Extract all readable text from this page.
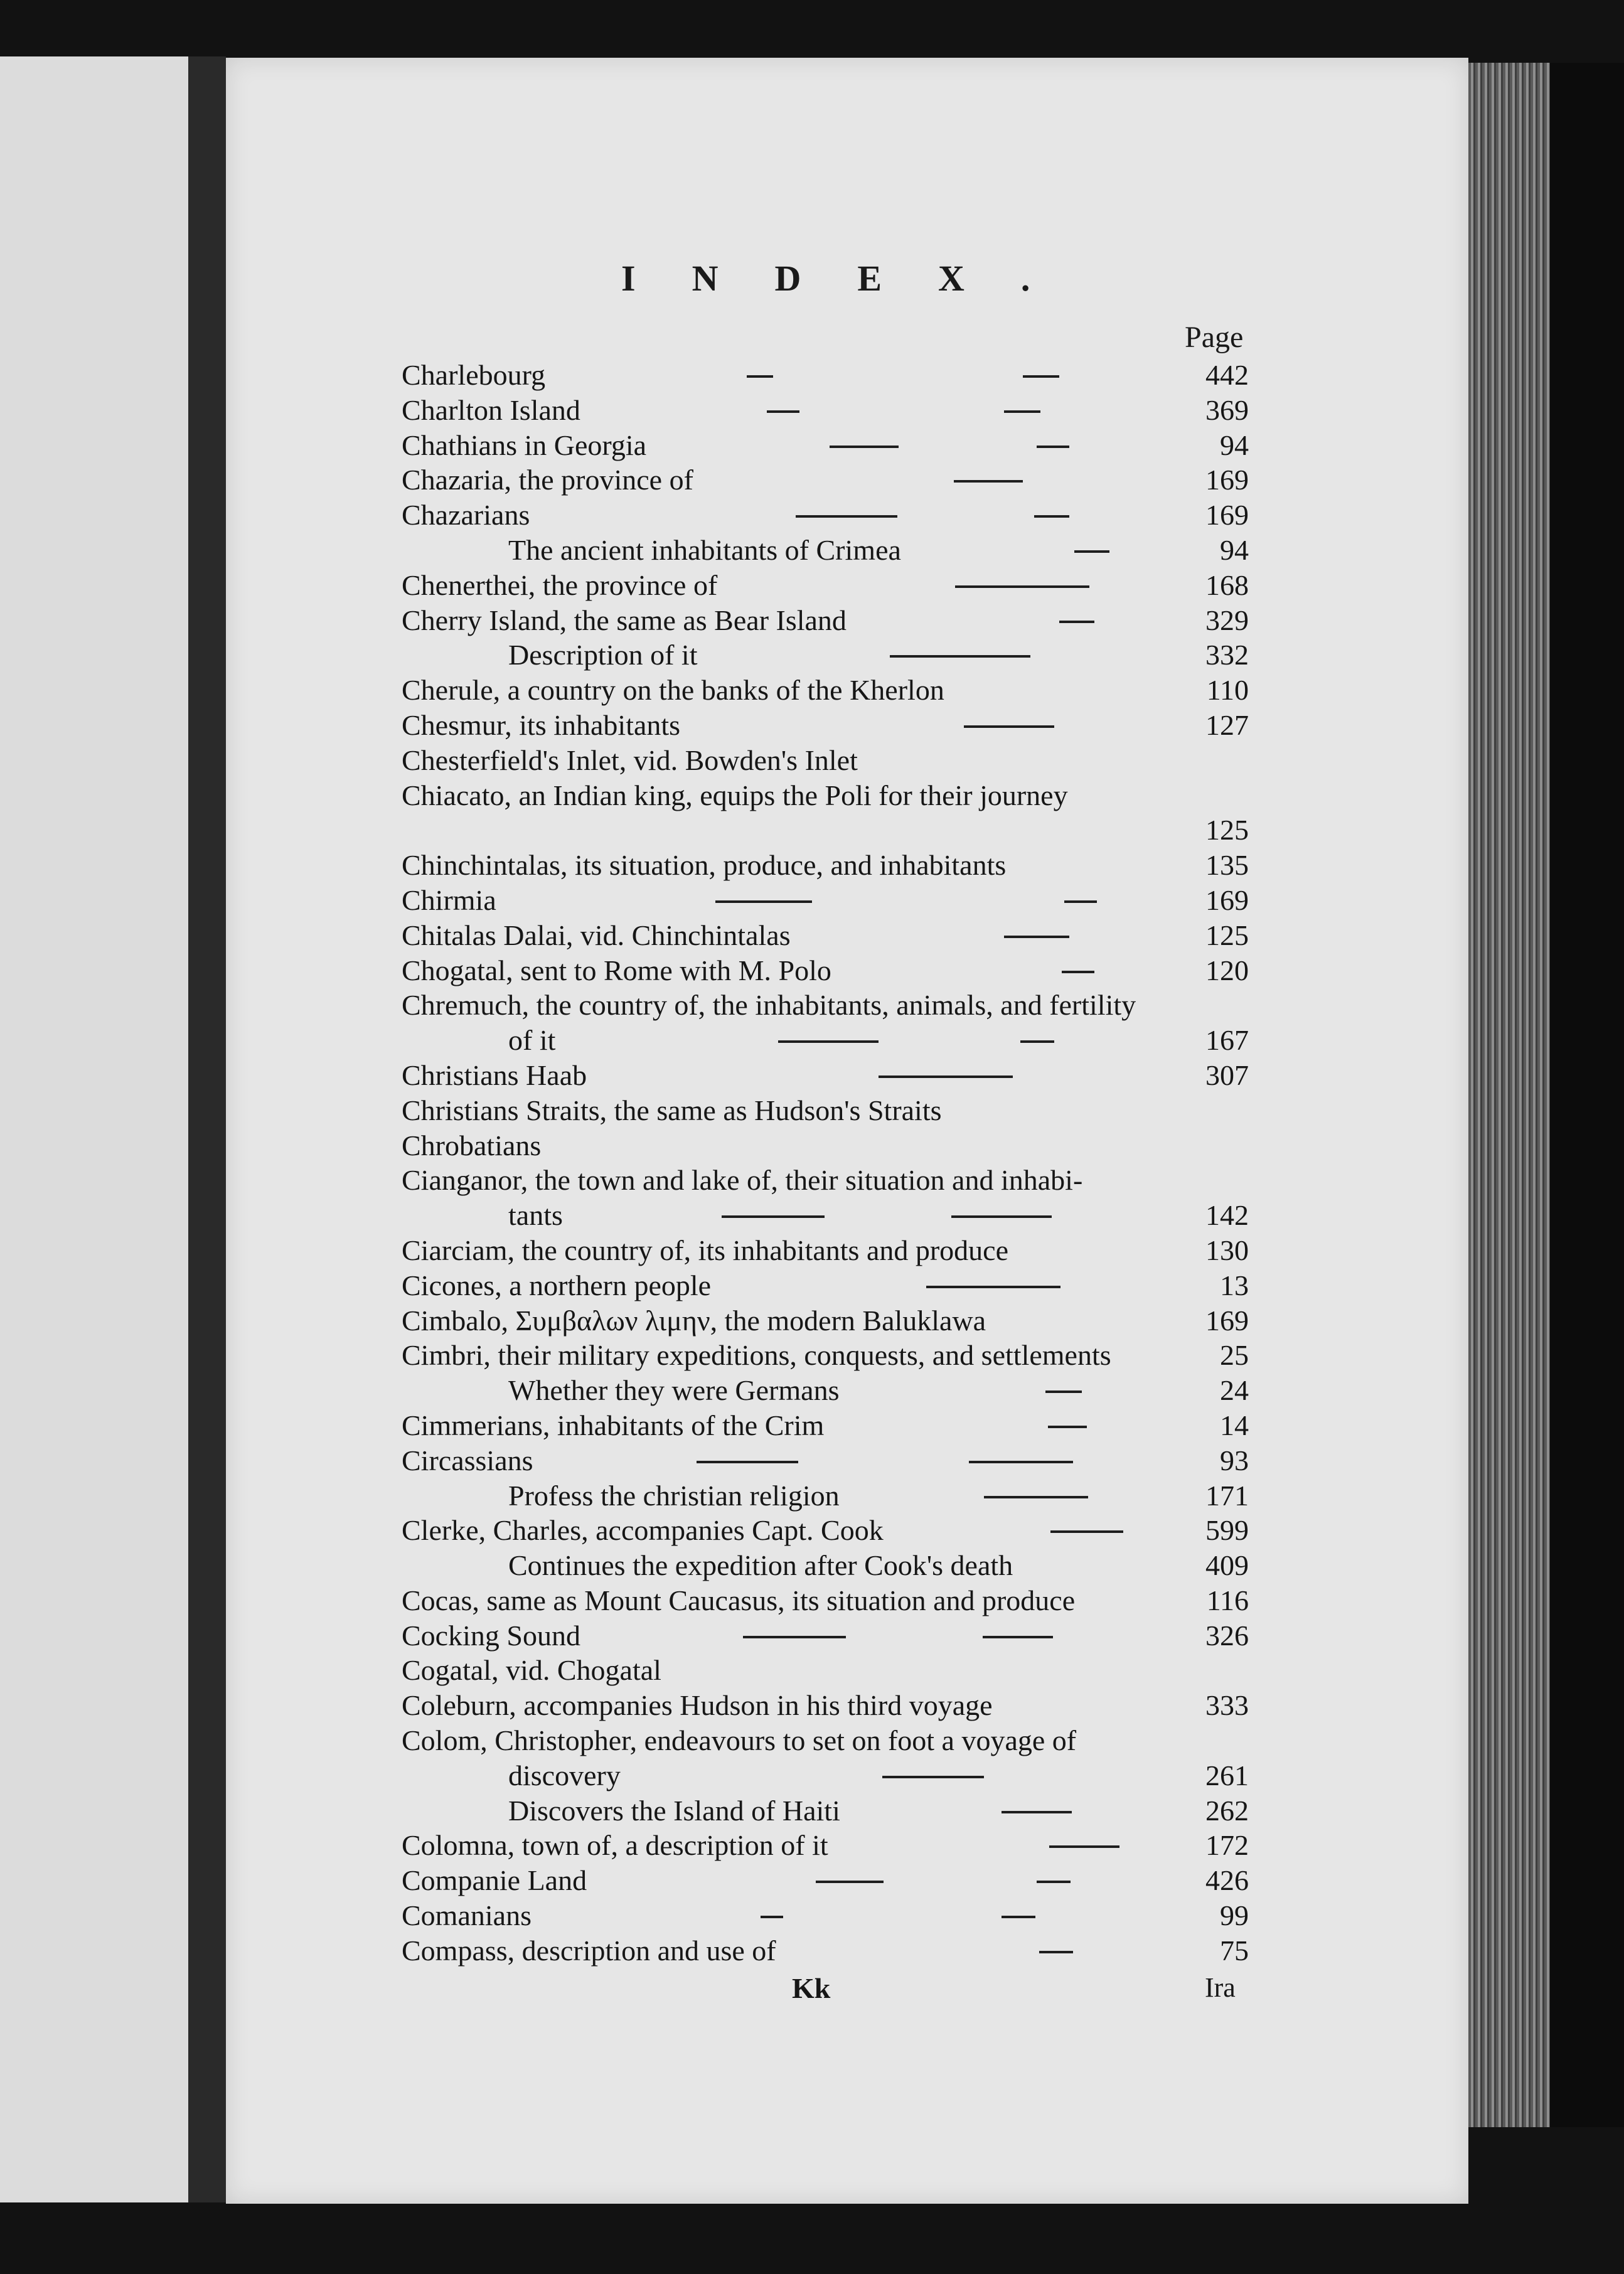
INDEX.
Page
Charlebourg	442
Charlton Island	369
Chathians in Georgia	94
Chazaria, the province of	169
Chazarians	169
The ancient inhabitants of Crimea	94
Chenerthei, the province of	168
Cherry Island, the same as Bear Island	329
Description of it	332
Cherule, a country on the banks of the Kherlon	110
Chesmur, its inhabitants	127
Chesterfield's Inlet, vid. Bowden's Inlet
Chiacato, an Indian king, equips the Poli for their journey
125
Chinchintalas, its situation, produce, and inhabitants	135
Chirmia	169
Chitalas Dalai, vid. Chinchintalas	125
Chogatal, sent to Rome with M. Polo	120
Chremuch, the country of, the inhabitants, animals, and fertility
of it	167
Christians Haab	307
Christians Straits, the same as Hudson's Straits
Chrobatians
Cianganor, the town and lake of, their situation and inhabi-
tants	142
Ciarciam, the country of, its inhabitants and produce	130
Cicones, a northern people	13
Cimbalo, Συμβαλων λιμην, the modern Baluklawa	169
Cimbri, their military expeditions, conquests, and settlements	25
Whether they were Germans	24
Cimmerians, inhabitants of the Crim	14
Circassians	93
Profess the christian religion	171
Clerke, Charles, accompanies Capt. Cook	599
Continues the expedition after Cook's death	409
Cocas, same as Mount Caucasus, its situation and produce	116
Cocking Sound	326
Cogatal, vid. Chogatal
Coleburn, accompanies Hudson in his third voyage	333
Colom, Christopher, endeavours to set on foot a voyage of
discovery	261
Discovers the Island of Haiti	262
Colomna, town of, a description of it	172
Companie Land	426
Comanians	99
Compass, description and use of	75
Kk	Ira
